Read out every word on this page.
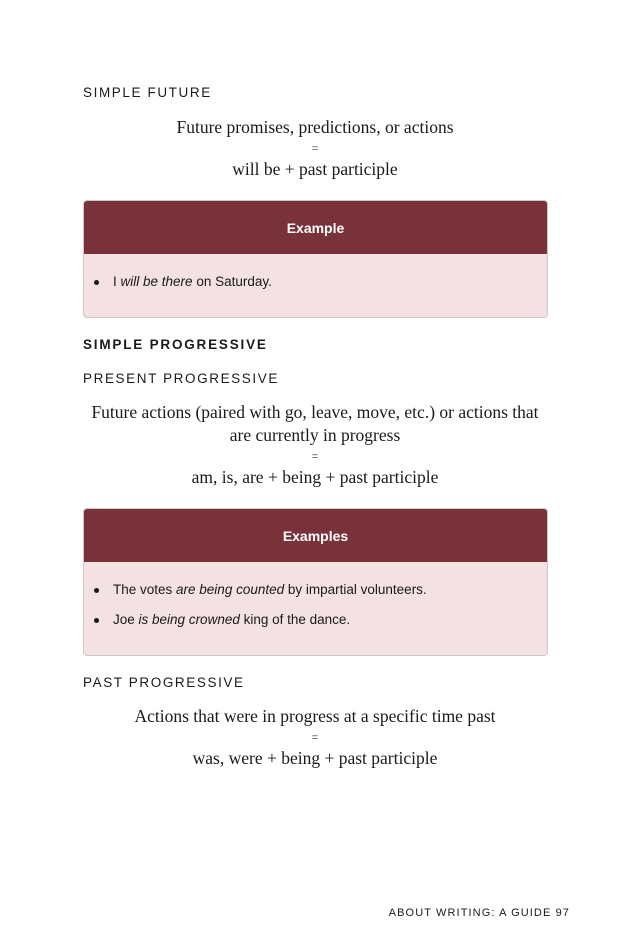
SIMPLE FUTURE
Future promises, predictions, or actions
=
will be + past participle
Example
I will be there on Saturday.
SIMPLE PROGRESSIVE
PRESENT PROGRESSIVE
Future actions (paired with go, leave, move, etc.) or actions that
are currently in progress
=
am, is, are + being + past participle
Examples
The votes are being counted by impartial volunteers.
Joe is being crowned king of the dance.
PAST PROGRESSIVE
Actions that were in progress at a specific time past
=
was, were + being + past participle
ABOUT WRITING: A GUIDE 97
